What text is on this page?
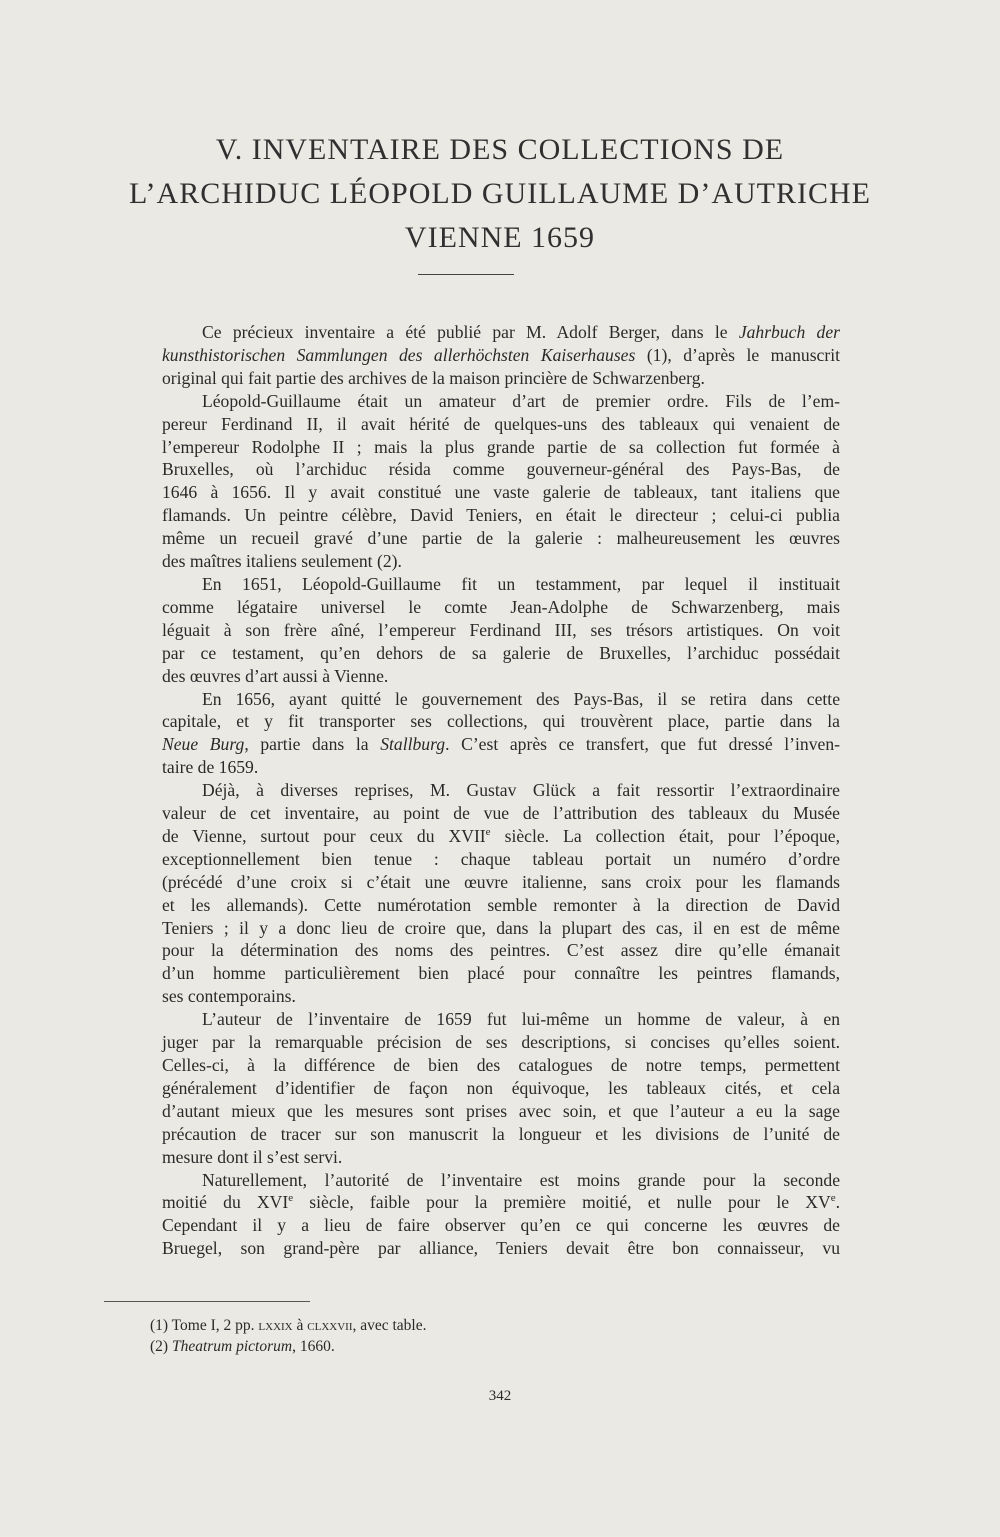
V. INVENTAIRE DES COLLECTIONS DE
L’ARCHIDUC LÉOPOLD GUILLAUME D’AUTRICHE
VIENNE 1659
Ce précieux inventaire a été publié par M. Adolf Berger, dans le Jahrbuch der
kunsthistorischen Sammlungen des allerhöchsten Kaiserhauses (1), d’après le manuscrit
original qui fait partie des archives de la maison princière de Schwarzenberg.
Léopold-Guillaume était un amateur d’art de premier ordre. Fils de l’em-
pereur Ferdinand II, il avait hérité de quelques-uns des tableaux qui venaient de
l’empereur Rodolphe II ; mais la plus grande partie de sa collection fut formée à
Bruxelles, où l’archiduc résida comme gouverneur-général des Pays-Bas, de
1646 à 1656. Il y avait constitué une vaste galerie de tableaux, tant italiens que
flamands. Un peintre célèbre, David Teniers, en était le directeur ; celui-ci publia
même un recueil gravé d’une partie de la galerie : malheureusement les œuvres
des maîtres italiens seulement (2).
En 1651, Léopold-Guillaume fit un testamment, par lequel il instituait
comme légataire universel le comte Jean-Adolphe de Schwarzenberg, mais
léguait à son frère aîné, l’empereur Ferdinand III, ses trésors artistiques. On voit
par ce testament, qu’en dehors de sa galerie de Bruxelles, l’archiduc possédait
des œuvres d’art aussi à Vienne.
En 1656, ayant quitté le gouvernement des Pays-Bas, il se retira dans cette
capitale, et y fit transporter ses collections, qui trouvèrent place, partie dans la
Neue Burg, partie dans la Stallburg. C’est après ce transfert, que fut dressé l’inven-
taire de 1659.
Déjà, à diverses reprises, M. Gustav Glück a fait ressortir l’extraordinaire
valeur de cet inventaire, au point de vue de l’attribution des tableaux du Musée
de Vienne, surtout pour ceux du XVIIe siècle. La collection était, pour l’époque,
exceptionnellement bien tenue : chaque tableau portait un numéro d’ordre
(précédé d’une croix si c’était une œuvre italienne, sans croix pour les flamands
et les allemands). Cette numérotation semble remonter à la direction de David
Teniers ; il y a donc lieu de croire que, dans la plupart des cas, il en est de même
pour la détermination des noms des peintres. C’est assez dire qu’elle émanait
d’un homme particulièrement bien placé pour connaître les peintres flamands,
ses contemporains.
L’auteur de l’inventaire de 1659 fut lui-même un homme de valeur, à en
juger par la remarquable précision de ses descriptions, si concises qu’elles soient.
Celles-ci, à la différence de bien des catalogues de notre temps, permettent
généralement d’identifier de façon non équivoque, les tableaux cités, et cela
d’autant mieux que les mesures sont prises avec soin, et que l’auteur a eu la sage
précaution de tracer sur son manuscrit la longueur et les divisions de l’unité de
mesure dont il s’est servi.
Naturellement, l’autorité de l’inventaire est moins grande pour la seconde
moitié du XVIe siècle, faible pour la première moitié, et nulle pour le XVe.
Cependant il y a lieu de faire observer qu’en ce qui concerne les œuvres de
Bruegel, son grand-père par alliance, Teniers devait être bon connaisseur, vu
(1) Tome I, 2 pp. lxxix à clxxvii, avec table.
(2) Theatrum pictorum, 1660.
342
